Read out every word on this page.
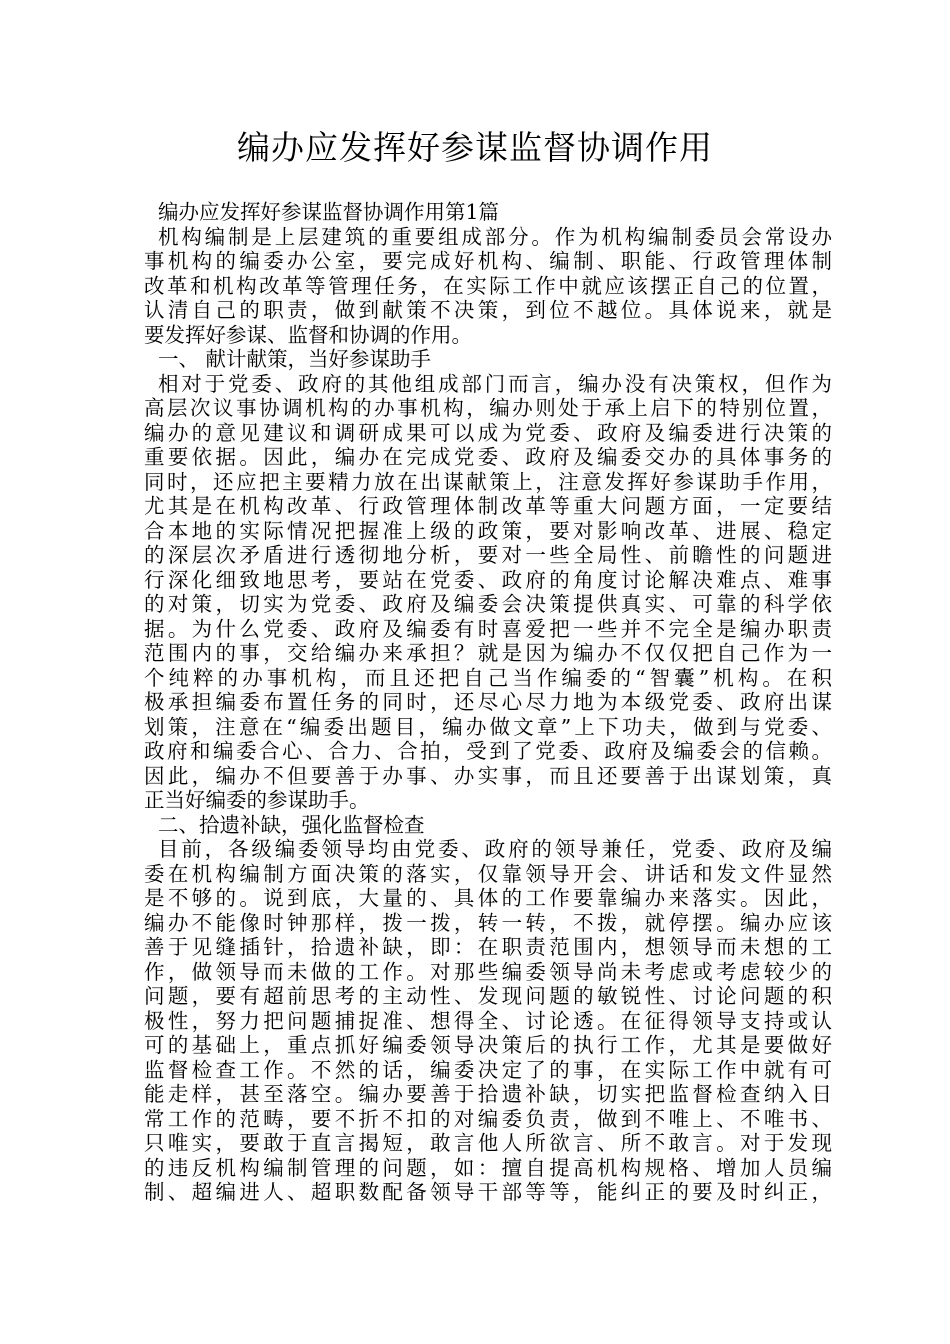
编办应发挥好参谋监督协调作用
编办应发挥好参谋监督协调作用第1篇
机构编制是上层建筑的重要组成部分。作为机构编制委员会常设办
事机构的编委办公室，要完成好机构、编制、职能、行政管理体制
改革和机构改革等管理任务，在实际工作中就应该摆正自己的位置，
认清自己的职责，做到献策不决策，到位不越位。具体说来，就是
要发挥好参谋、监督和协调的作用。
一、 献计献策，当好参谋助手
相对于党委、政府的其他组成部门而言，编办没有决策权，但作为
高层次议事协调机构的办事机构，编办则处于承上启下的特别位置，
编办的意见建议和调研成果可以成为党委、政府及编委进行决策的
重要依据。因此，编办在完成党委、政府及编委交办的具体事务的
同时，还应把主要精力放在出谋献策上，注意发挥好参谋助手作用，
尤其是在机构改革、行政管理体制改革等重大问题方面，一定要结
合本地的实际情况把握准上级的政策，要对影响改革、进展、稳定
的深层次矛盾进行透彻地分析，要对一些全局性、前瞻性的问题进
行深化细致地思考，要站在党委、政府的角度讨论解决难点、难事
的对策，切实为党委、政府及编委会决策提供真实、可靠的科学依
据。为什么党委、政府及编委有时喜爱把一些并不完全是编办职责
范围内的事，交给编办来承担？就是因为编办不仅仅把自己作为一
个纯粹的办事机构，而且还把自己当作编委的“智囊”机构。在积
极承担编委布置任务的同时，还尽心尽力地为本级党委、政府出谋
划策，注意在“编委出题目，编办做文章”上下功夫，做到与党委、
政府和编委合心、合力、合拍，受到了党委、政府及编委会的信赖。
因此，编办不但要善于办事、办实事，而且还要善于出谋划策，真
正当好编委的参谋助手。
二、拾遗补缺，强化监督检查
目前，各级编委领导均由党委、政府的领导兼任，党委、政府及编
委在机构编制方面决策的落实，仅靠领导开会、讲话和发文件显然
是不够的。说到底，大量的、具体的工作要靠编办来落实。因此，
编办不能像时钟那样，拨一拨，转一转，不拨，就停摆。编办应该
善于见缝插针，拾遗补缺，即：在职责范围内，想领导而未想的工
作，做领导而未做的工作。对那些编委领导尚未考虑或考虑较少的
问题，要有超前思考的主动性、发现问题的敏锐性、讨论问题的积
极性，努力把问题捕捉准、想得全、讨论透。在征得领导支持或认
可的基础上，重点抓好编委领导决策后的执行工作，尤其是要做好
监督检查工作。不然的话，编委决定了的事，在实际工作中就有可
能走样，甚至落空。编办要善于拾遗补缺，切实把监督检查纳入日
常工作的范畴，要不折不扣的对编委负责，做到不唯上、不唯书、
只唯实，要敢于直言揭短，敢言他人所欲言、所不敢言。对于发现
的违反机构编制管理的问题，如：擅自提高机构规格、增加人员编
制、超编进人、超职数配备领导干部等等，能纠正的要及时纠正，
